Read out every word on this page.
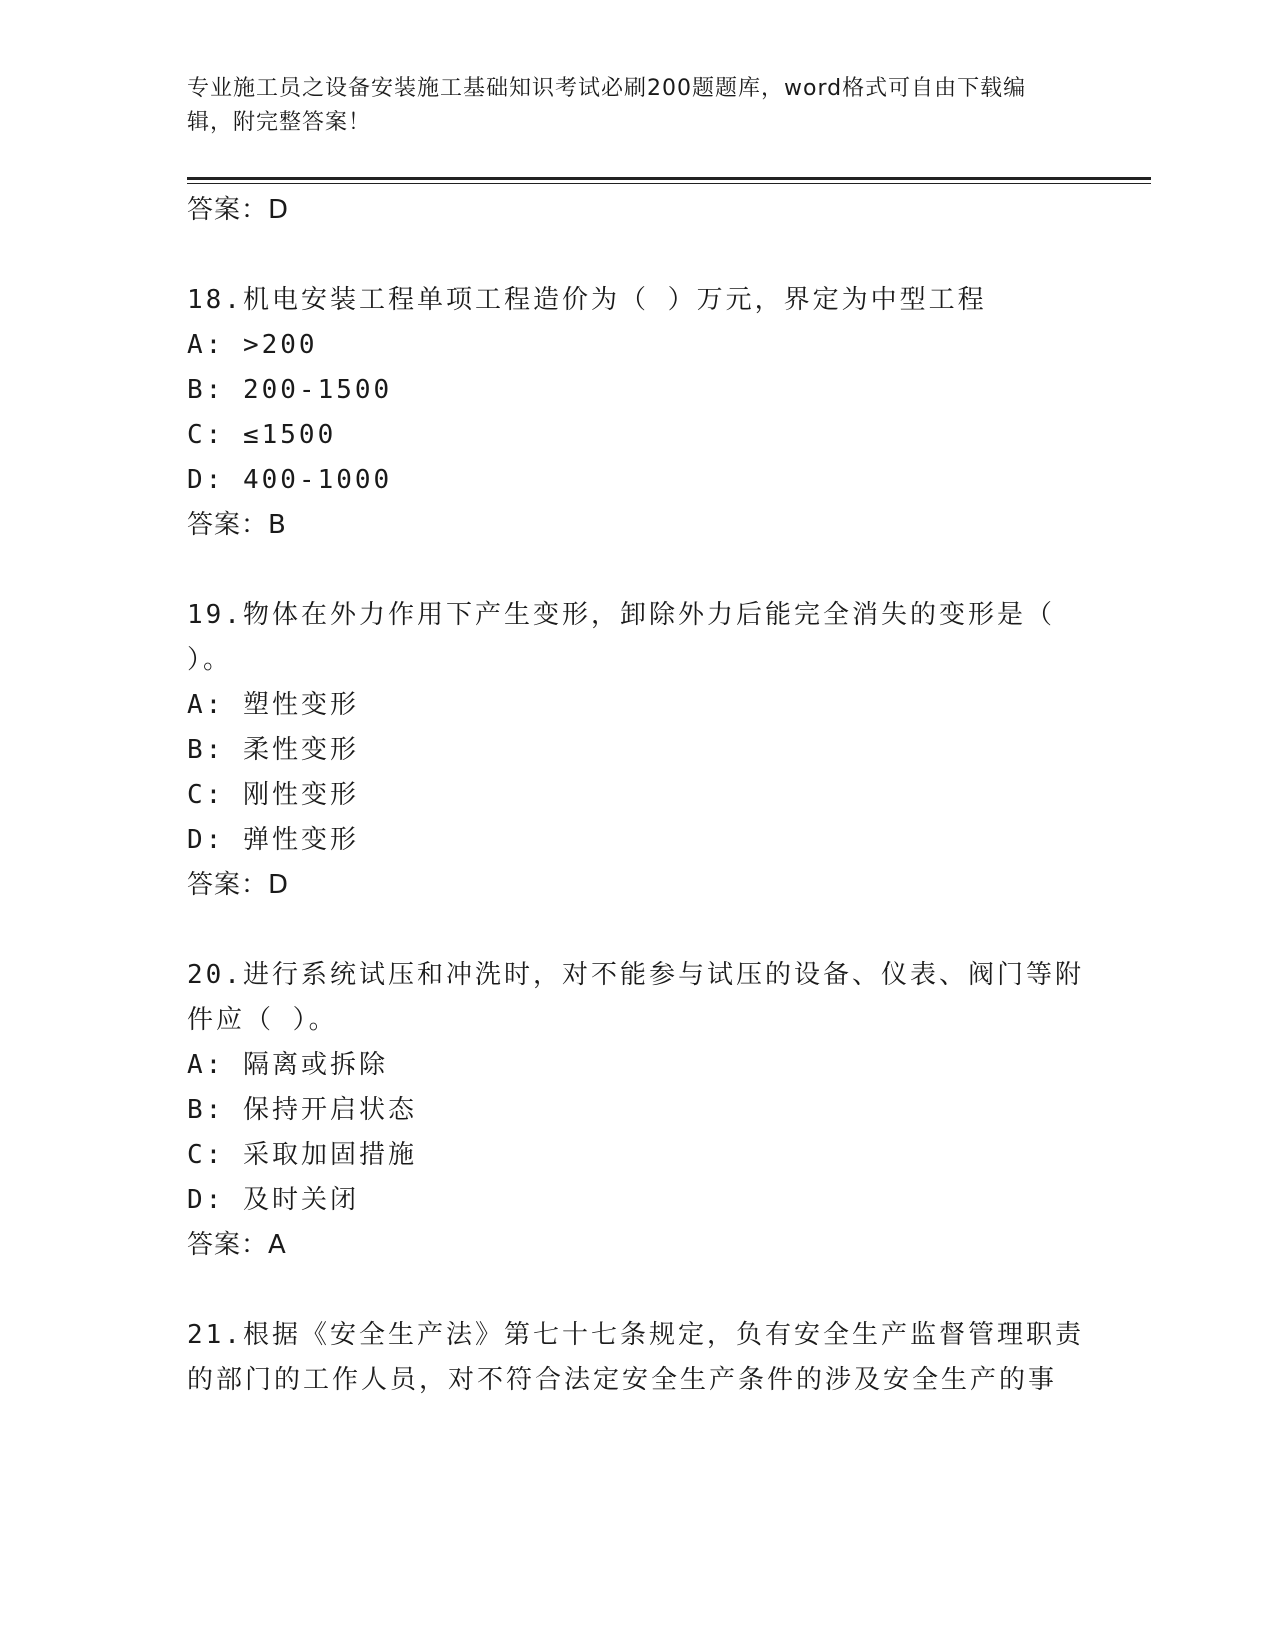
专业施工员之设备安装施工基础知识考试必刷200题题库，word格式可自由下载编辑，附完整答案！

答案：D

18.机电安装工程单项工程造价为（ ）万元，界定为中型工程

A: >200

B: 200-1500

C: ≤1500

D: 400-1000

答案：B

19.物体在外力作用下产生变形，卸除外力后能完全消失的变形是（ ）。

A: 塑性变形

B: 柔性变形

C: 刚性变形

D: 弹性变形

答案：D

20.进行系统试压和冲洗时，对不能参与试压的设备、仪表、阀门等附件应（ ）。

A: 隔离或拆除

B: 保持开启状态

C: 采取加固措施

D: 及时关闭

答案：A

21.根据《安全生产法》第七十七条规定，负有安全生产监督管理职责的部门的工作人员，对不符合法定安全生产条件的涉及安全生产的事
